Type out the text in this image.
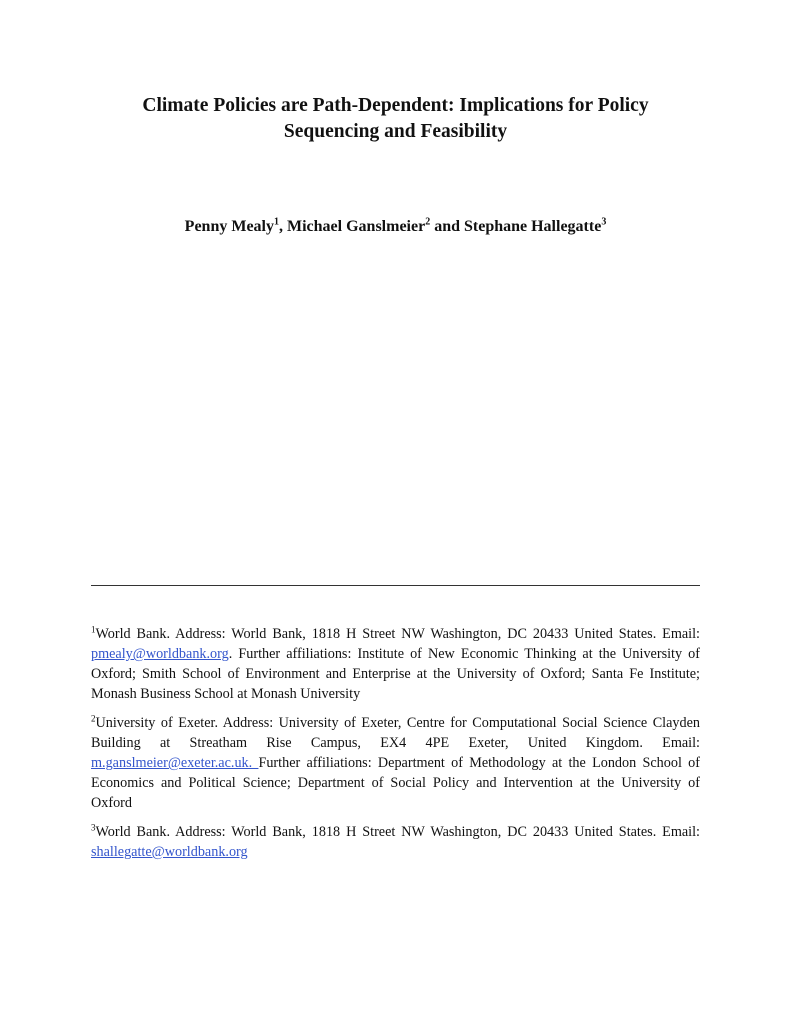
Climate Policies are Path-Dependent: Implications for Policy
Sequencing and Feasibility
Penny Mealy$^1$, Michael Ganslmeier$^2$ and Stephane Hallegatte$^3$

$^1$World Bank. Address: World Bank, 1818 H Street NW Washington, DC 20433 United States. Email: pmealy@worldbank.org. Further affiliations: Institute of New Economic Thinking at the University of Oxford; Smith School of Environment and Enterprise at the University of Oxford; Santa Fe Institute; Monash Business School at Monash University

$^2$University of Exeter. Address: University of Exeter, Centre for Computational Social Science Clayden Building at Streatham Rise Campus, EX4 4PE Exeter, United Kingdom. Email: m.ganslmeier@exeter.ac.uk. Further affiliations: Department of Methodology at the London School of Economics and Political Science; Department of Social Policy and Intervention at the University of Oxford

$^3$World Bank. Address: World Bank, 1818 H Street NW Washington, DC 20433 United States. Email: shallegatte@worldbank.org
